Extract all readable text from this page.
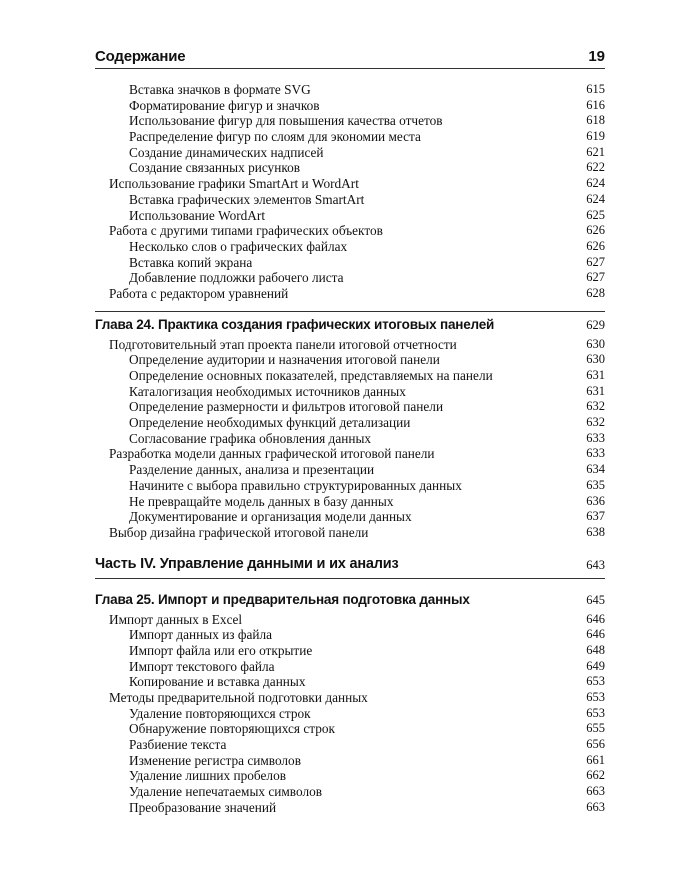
Содержание	19
Вставка значков в формате SVG	615
Форматирование фигур и значков	616
Использование фигур для повышения качества отчетов	618
Распределение фигур по слоям для экономии места	619
Создание динамических надписей	621
Создание связанных рисунков	622
Использование графики SmartArt и WordArt	624
Вставка графических элементов SmartArt	624
Использование WordArt	625
Работа с другими типами графических объектов	626
Несколько слов о графических файлах	626
Вставка копий экрана	627
Добавление подложки рабочего листа	627
Работа с редактором уравнений	628
Глава 24. Практика создания графических итоговых панелей	629
Подготовительный этап проекта панели итоговой отчетности	630
Определение аудитории и назначения итоговой панели	630
Определение основных показателей, представляемых на панели	631
Каталогизация необходимых источников данных	631
Определение размерности и фильтров итоговой панели	632
Определение необходимых функций детализации	632
Согласование графика обновления данных	633
Разработка модели данных графической итоговой панели	633
Разделение данных, анализа и презентации	634
Начините с выбора правильно структурированных данных	635
Не превращайте модель данных в базу данных	636
Документирование и организация модели данных	637
Выбор дизайна графической итоговой панели	638
Часть IV. Управление данными и их анализ	643
Глава 25. Импорт и предварительная подготовка данных	645
Импорт данных в Excel	646
Импорт данных из файла	646
Импорт файла или его открытие	648
Импорт текстового файла	649
Копирование и вставка данных	653
Методы предварительной подготовки данных	653
Удаление повторяющихся строк	653
Обнаружение повторяющихся строк	655
Разбиение текста	656
Изменение регистра символов	661
Удаление лишних пробелов	662
Удаление непечатаемых символов	663
Преобразование значений	663
